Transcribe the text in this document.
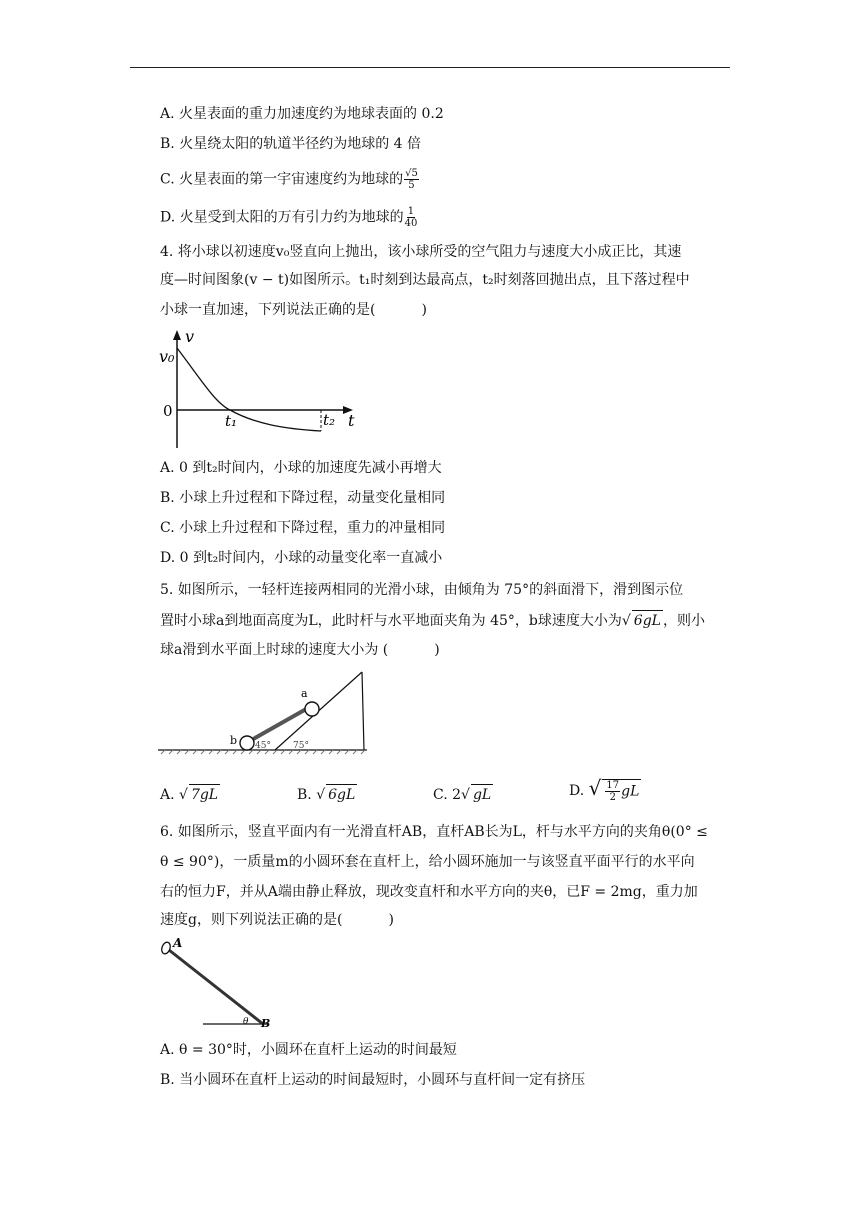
A. 火星表面的重力加速度约为地球表面的 0.2
B. 火星绕太阳的轨道半径约为地球的 4 倍
C. 火星表面的第一宇宙速度约为地球的 $\frac{√5}{5}$
D. 火星受到太阳的万有引力约为地球的 $\frac{1}{40}$
4. 将小球以初速度v₀竖直向上抛出，该小球所受的空气阻力与速度大小成正比，其速
度—时间图象(v − t)如图所示。t₁时刻到达最高点，t₂时刻落回抛出点，且下落过程中
小球一直加速，下列说法正确的是(	)
v
v₀
0
t₁	t₂ t
A. 0 到t₂时间内，小球的加速度先减小再增大
B. 小球上升过程和下降过程，动量变化量相同
C. 小球上升过程和下降过程，重力的冲量相同
D. 0 到t₂时间内，小球的动量变化率一直减小
5. 如图所示，一轻杆连接两相同的光滑小球，由倾角为 75°的斜面滑下，滑到图示位
置时小球a到地面高度为L，此时杆与水平地面夹角为 45°，b球速度大小为√ 6gL ，则小
球a滑到水平面上时球的速度大小为 (	)
a
b 45° 75°
A. √ 7gL	B. √ 6gL	C. 2√ gL	D. √ $\frac{17}{2}$ gL
6. 如图所示，竖直平面内有一光滑直杆AB，直杆AB长为L，杆与水平方向的夹角θ(0° ≤
θ ≤ 90°)，一质量m的小圆环套在直杆上，给小圆环施加一与该竖直平面平行的水平向
右的恒力F，并从A端由静止释放，现改变直杆和水平方向的夹θ，已F = 2mg，重力加
速度g，则下列说法正确的是(	)
A
B
θ
A. θ = 30°时，小圆环在直杆上运动的时间最短
B. 当小圆环在直杆上运动的时间最短时，小圆环与直杆间一定有挤压
